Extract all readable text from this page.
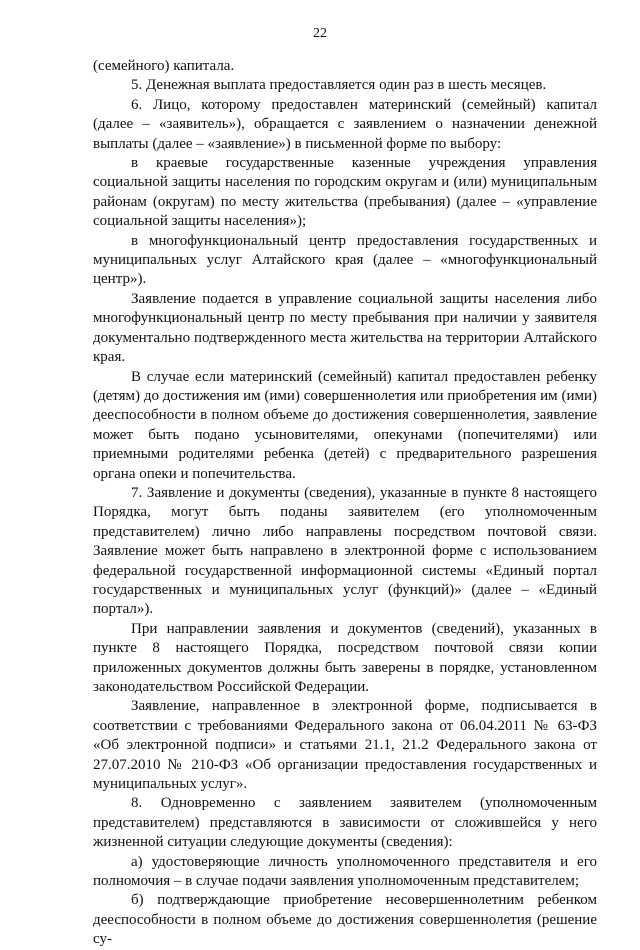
22

(семейного) капитала.

5. Денежная выплата предоставляется один раз в шесть месяцев.

6. Лицо, которому предоставлен материнский (семейный) капитал (далее – «заявитель»), обращается с заявлением о назначении денежной выплаты (далее – «заявление») в письменной форме по выбору:

в краевые государственные казенные учреждения управления социальной защиты населения по городским округам и (или) муниципальным районам (округам) по месту жительства (пребывания) (далее – «управление социальной защиты населения»);

в многофункциональный центр предоставления государственных и муниципальных услуг Алтайского края (далее – «многофункциональный центр»).

Заявление подается в управление социальной защиты населения либо многофункциональный центр по месту пребывания при наличии у заявителя документально подтвержденного места жительства на территории Алтайского края.

В случае если материнский (семейный) капитал предоставлен ребенку (детям) до достижения им (ими) совершеннолетия или приобретения им (ими) дееспособности в полном объеме до достижения совершеннолетия, заявление может быть подано усыновителями, опекунами (попечителями) или приемными родителями ребенка (детей) с предварительного разрешения органа опеки и попечительства.

7. Заявление и документы (сведения), указанные в пункте 8 настоящего Порядка, могут быть поданы заявителем (его уполномоченным представителем) лично либо направлены посредством почтовой связи. Заявление может быть направлено в электронной форме с использованием федеральной государственной информационной системы «Единый портал государственных и муниципальных услуг (функций)» (далее – «Единый портал»).

При направлении заявления и документов (сведений), указанных в пункте 8 настоящего Порядка, посредством почтовой связи копии приложенных документов должны быть заверены в порядке, установленном законодательством Российской Федерации.

Заявление, направленное в электронной форме, подписывается в соответствии с требованиями Федерального закона от 06.04.2011 № 63-ФЗ «Об электронной подписи» и статьями 21.1, 21.2 Федерального закона от 27.07.2010 № 210-ФЗ «Об организации предоставления государственных и муниципальных услуг».

8. Одновременно с заявлением заявителем (уполномоченным представителем) представляются в зависимости от сложившейся у него жизненной ситуации следующие документы (сведения):

а) удостоверяющие личность уполномоченного представителя и его полномочия – в случае подачи заявления уполномоченным представителем;

б) подтверждающие приобретение несовершеннолетним ребенком дееспособности в полном объеме до достижения совершеннолетия (решение су-
